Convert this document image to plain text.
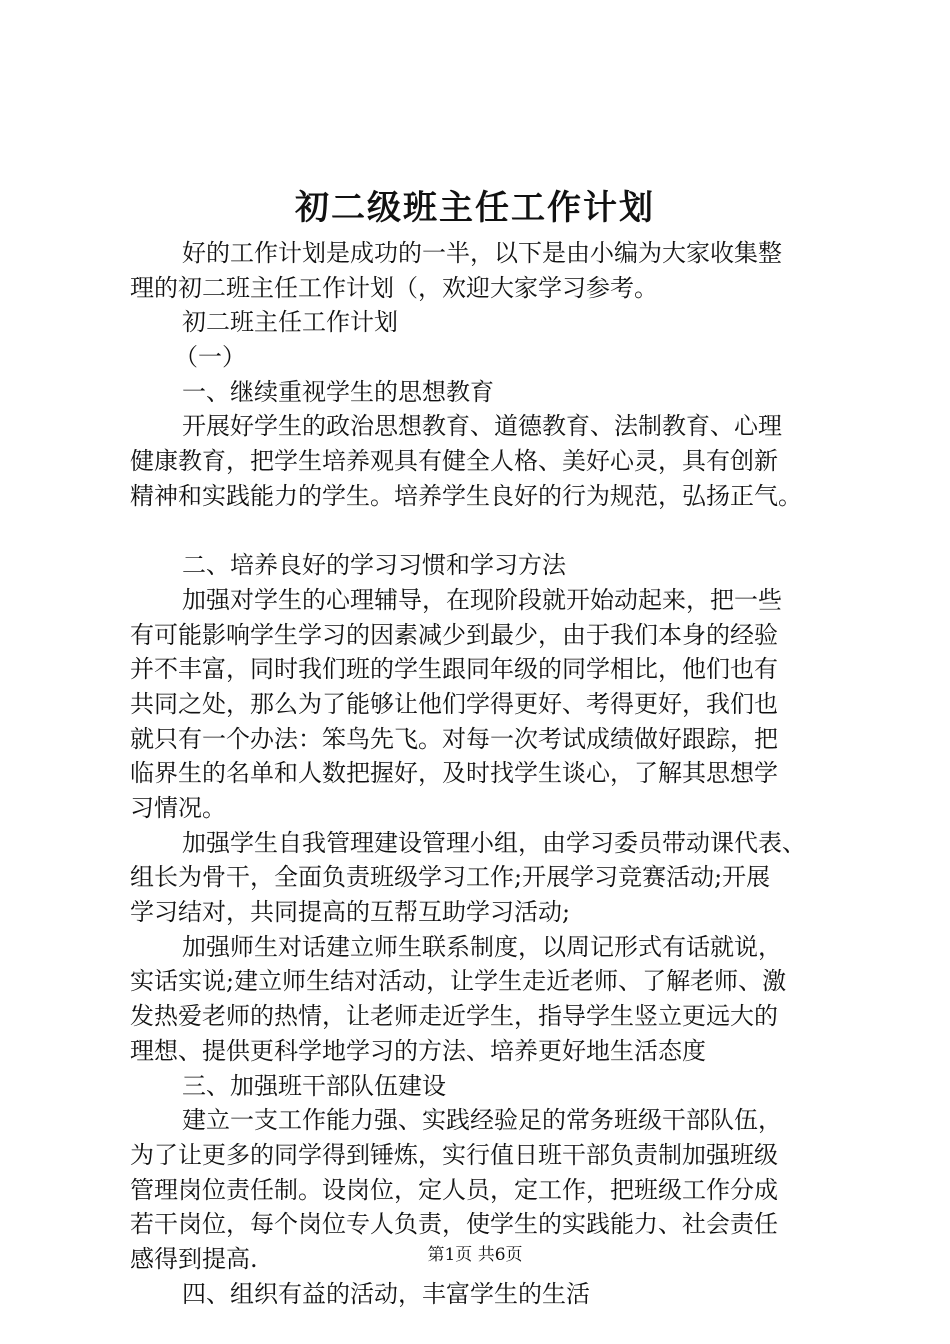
初二级班主任工作计划
好的工作计划是成功的一半，以下是由小编为大家收集整
理的初二班主任工作计划（，欢迎大家学习参考。
初二班主任工作计划
（一）
一、继续重视学生的思想教育
开展好学生的政治思想教育、道德教育、法制教育、心理
健康教育，把学生培养观具有健全人格、美好心灵，具有创新
精神和实践能力的学生。培养学生良好的行为规范，弘扬正气。
二、培养良好的学习习惯和学习方法
加强对学生的心理辅导，在现阶段就开始动起来，把一些
有可能影响学生学习的因素减少到最少，由于我们本身的经验
并不丰富，同时我们班的学生跟同年级的同学相比，他们也有
共同之处，那么为了能够让他们学得更好、考得更好，我们也
就只有一个办法：笨鸟先飞。对每一次考试成绩做好跟踪，把
临界生的名单和人数把握好，及时找学生谈心，了解其思想学
习情况。
加强学生自我管理建设管理小组，由学习委员带动课代表、
组长为骨干，全面负责班级学习工作;开展学习竞赛活动;开展
学习结对，共同提高的互帮互助学习活动;
加强师生对话建立师生联系制度，以周记形式有话就说，
实话实说;建立师生结对活动，让学生走近老师、了解老师、激
发热爱老师的热情，让老师走近学生，指导学生竖立更远大的
理想、提供更科学地学习的方法、培养更好地生活态度
三、加强班干部队伍建设
建立一支工作能力强、实践经验足的常务班级干部队伍，
为了让更多的同学得到锤炼，实行值日班干部负责制加强班级
管理岗位责任制。设岗位，定人员，定工作，把班级工作分成
若干岗位，每个岗位专人负责，使学生的实践能力、社会责任
感得到提高.
四、组织有益的活动，丰富学生的生活
第1页 共6页
